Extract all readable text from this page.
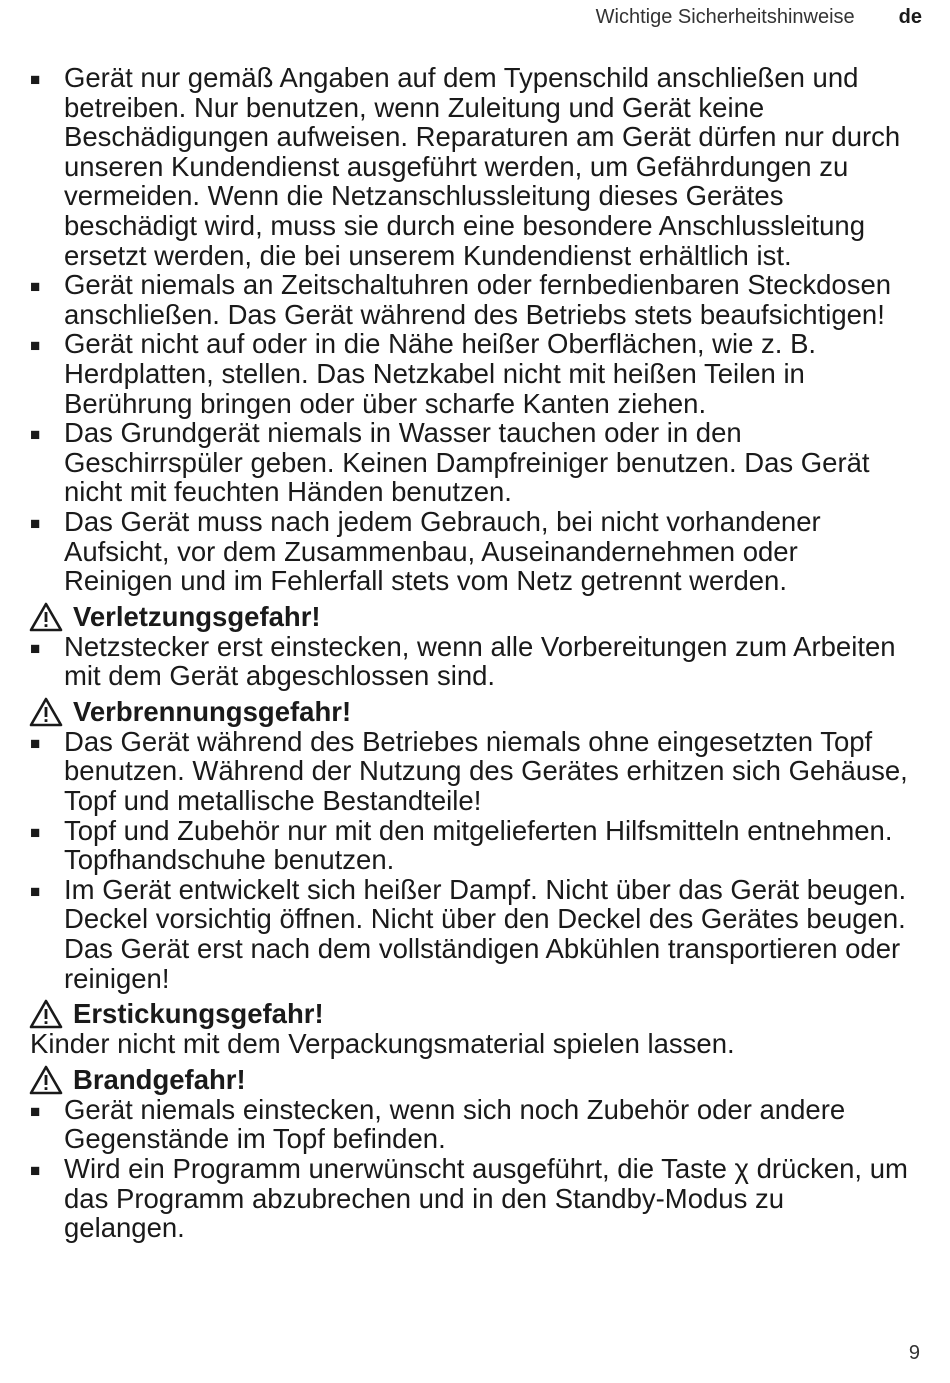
Wichtige Sicherheitshinweise de
■ Gerät nur gemäß Angaben auf dem Typenschild anschließen und betreiben. Nur benutzen, wenn Zuleitung und Gerät keine Beschädigungen aufweisen. Reparaturen am Gerät dürfen nur durch unseren Kundendienst ausgeführt werden, um Gefährdungen zu vermeiden. Wenn die Netzanschlussleitung dieses Gerätes beschädigt wird, muss sie durch eine besondere Anschlussleitung ersetzt werden, die bei unserem Kundendienst erhältlich ist.
■ Gerät niemals an Zeitschaltuhren oder fernbedienbaren Steckdosen anschließen. Das Gerät während des Betriebs stets beaufsichtigen!
■ Gerät nicht auf oder in die Nähe heißer Oberflächen, wie z. B. Herdplatten, stellen. Das Netzkabel nicht mit heißen Teilen in Berührung bringen oder über scharfe Kanten ziehen.
■ Das Grundgerät niemals in Wasser tauchen oder in den Geschirrspüler geben. Keinen Dampfreiniger benutzen. Das Gerät nicht mit feuchten Händen benutzen.
■ Das Gerät muss nach jedem Gebrauch, bei nicht vorhandener Aufsicht, vor dem Zusammenbau, Auseinandernehmen oder Reinigen und im Fehlerfall stets vom Netz getrennt werden.
Verletzungsgefahr!
■ Netzstecker erst einstecken, wenn alle Vorbereitungen zum Arbeiten mit dem Gerät abgeschlossen sind.
Verbrennungsgefahr!
■ Das Gerät während des Betriebes niemals ohne eingesetzten Topf benutzen. Während der Nutzung des Gerätes erhitzen sich Gehäuse, Topf und metallische Bestandteile!
■ Topf und Zubehör nur mit den mitgelieferten Hilfsmitteln entnehmen. Topfhandschuhe benutzen.
■ Im Gerät entwickelt sich heißer Dampf. Nicht über das Gerät beugen. Deckel vorsichtig öffnen. Nicht über den Deckel des Gerätes beugen. Das Gerät erst nach dem vollständigen Abkühlen transportieren oder reinigen!
Erstickungsgefahr!
Kinder nicht mit dem Verpackungsmaterial spielen lassen.
Brandgefahr!
■ Gerät niemals einstecken, wenn sich noch Zubehör oder andere Gegenstände im Topf befinden.
■ Wird ein Programm unerwünscht ausgeführt, die Taste χ drücken, um das Programm abzubrechen und in den Standby-Modus zu gelangen.
9
